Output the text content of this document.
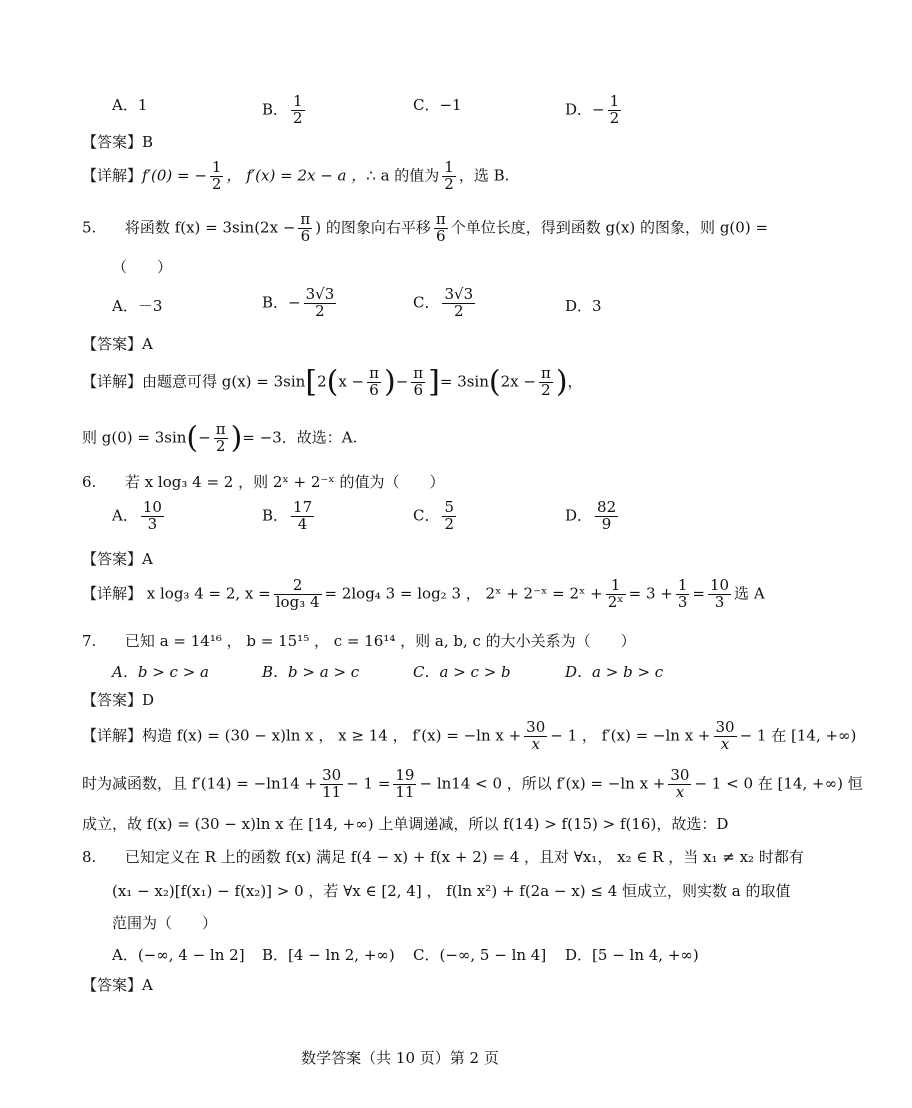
A．1	B． $\frac{1}{2}$	C．−1	D．− $\frac{1}{2}$
【答案】B
【详解】f′(0) = − $\frac{1}{2}$ ， f′(x) = 2x − a ，∴ a 的值为 $\frac{1}{2}$ ，选 B.
5. 将函数 $f(x) = 3\sin(2x - \frac{\pi}{6}$ ) 的图象向右平移 $\frac{\pi}{6}$ 个单位长度，得到函数 g(x) 的图象，则 g(0) =
（　　）
A．－3	B．− $\frac{3√3}{2}$	C． $\frac{3√3}{2}$	D．3
【答案】A
【详解】由题意可得 $g(x) = 3\sin[2(x - \frac{\pi}{6}$ )− $\frac{\pi}{6}$ ]= $3\sin(2x - \frac{\pi}{2}$ )，
则 $g(0) = 3\sin(- \frac{\pi}{2}$ )= −3．故选：A.
6. 若 x log₃ 4 = 2 ，则 2ˣ + 2⁻ˣ 的值为（　　）
A． $\frac{10}{3}$	B． $\frac{17}{4}$	C． $\frac{5}{2}$	D． $\frac{82}{9}$
【答案】A
【详解】 x log₃ 4 = 2, $x = \frac{2}{\text{log₃ 4}} = 2\log_4$ 3 = log₂ 3 ， 2ˣ + 2⁻ˣ = 2ˣ + $\frac{1}{\text{2ˣ}} = 3 + \frac{1}{3} = \frac{10}{3}$ 选 A
7. 已知 a = 14¹⁶ ， b = 15¹⁵ ， c = 16¹⁴ ，则 a, b, c 的大小关系为（　　）
A．b > c > a	B．b > a > c	C．a > c > b	D．a > b > c
【答案】D
【详解】构造 f(x) = (30 − x)ln x ， x ≥ 14 ， f′(x) = −ln $x + \frac{30}{x} - 1$ ， f′(x) = −ln $x + \frac{30}{x} - 1$ 在 [14, +∞)
时为减函数，且 $f'(14) = -\ln 14 + \frac{30}{11} - 1 = \frac{19}{11} - \ln 14 < 0$ ，所以 f′(x) = −ln $x + \frac{30}{x} - 1 < 0$ 在 [14, +∞) 恒
成立，故 f(x) = (30 − x)ln x 在 [14, +∞) 上单调递减，所以 f(14) > f(15) > f(16)，故选：D
8. 已知定义在 R 上的函数 f(x) 满足 f(4 − x) + f(x + 2) = 4 ，且对 ∀x₁， x₂ ∈ R ，当 x₁ ≠ x₂ 时都有
(x₁ − x₂)[f(x₁) − f(x₂)] > 0 ，若 ∀x ∈ [2, 4] ， f(ln x²) + f(2a − x) ≤ 4 恒成立，则实数 a 的取值
范围为（　　）
A．(−∞, 4 − ln 2] B．[4 − ln 2, +∞) C．(−∞, 5 − ln 4] D．[5 − ln 4, +∞)
【答案】A
数学答案（共 10 页）第 2 页
